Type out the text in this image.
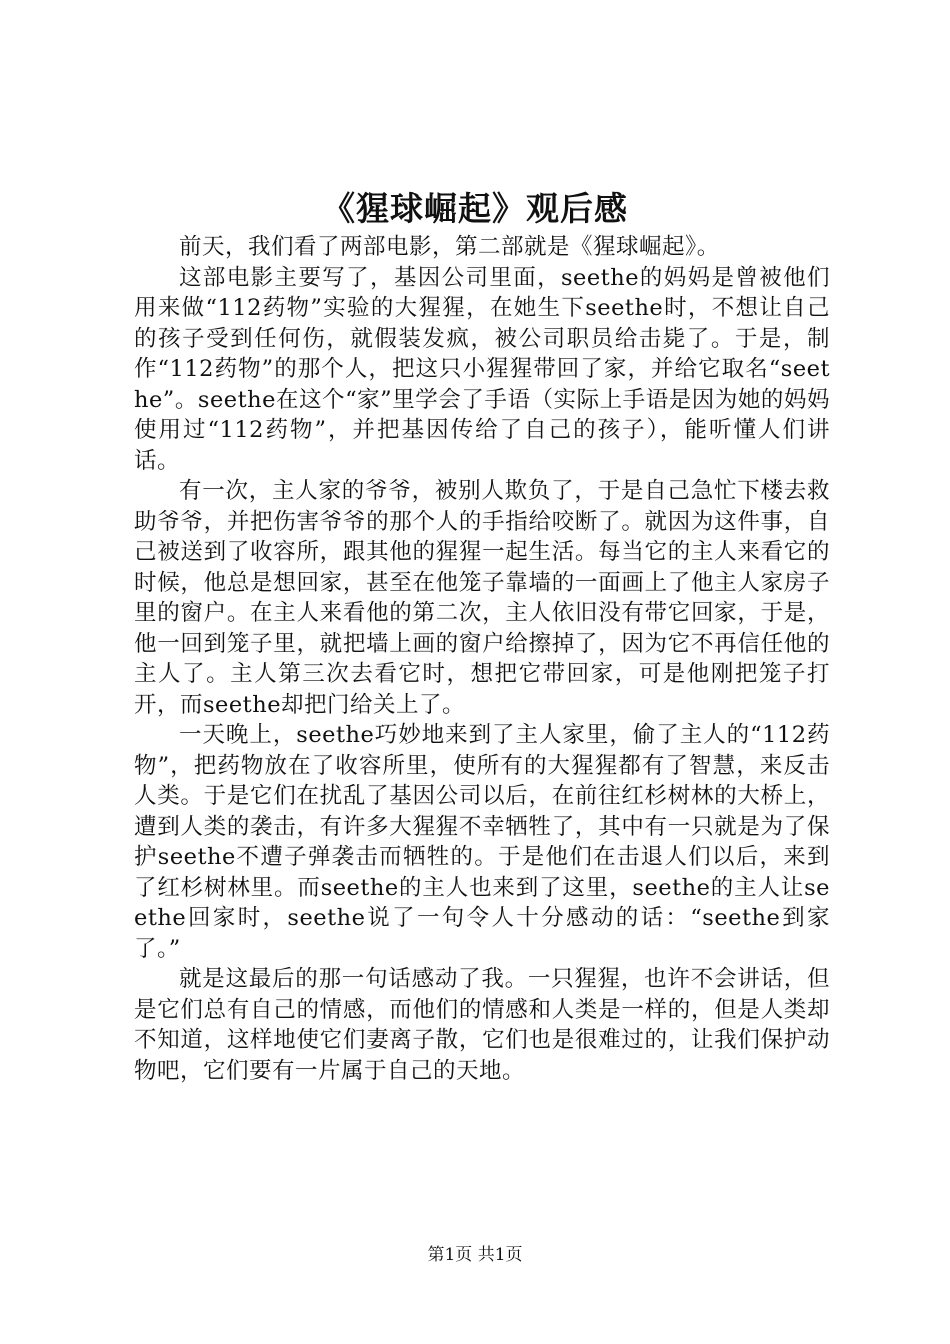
《猩球崛起》观后感

前天，我们看了两部电影，第二部就是《猩球崛起》。

这部电影主要写了，基因公司里面，seethe的妈妈是曾被他们用来做“112药物”实验的大猩猩，在她生下seethe时，不想让自己的孩子受到任何伤，就假装发疯，被公司职员给击毙了。于是，制作“112药物”的那个人，把这只小猩猩带回了家，并给它取名“seethe”。seethe在这个“家”里学会了手语（实际上手语是因为她的妈妈使用过“112药物”，并把基因传给了自己的孩子），能听懂人们讲话。

有一次，主人家的爷爷，被别人欺负了，于是自己急忙下楼去救助爷爷，并把伤害爷爷的那个人的手指给咬断了。就因为这件事，自己被送到了收容所，跟其他的猩猩一起生活。每当它的主人来看它的时候，他总是想回家，甚至在他笼子靠墙的一面画上了他主人家房子里的窗户。在主人来看他的第二次，主人依旧没有带它回家，于是，他一回到笼子里，就把墙上画的窗户给擦掉了，因为它不再信任他的主人了。主人第三次去看它时，想把它带回家，可是他刚把笼子打开，而seethe却把门给关上了。

一天晚上，seethe巧妙地来到了主人家里，偷了主人的“112药物”，把药物放在了收容所里，使所有的大猩猩都有了智慧，来反击人类。于是它们在扰乱了基因公司以后，在前往红杉树林的大桥上，遭到人类的袭击，有许多大猩猩不幸牺牲了，其中有一只就是为了保护seethe不遭子弹袭击而牺牲的。于是他们在击退人们以后，来到了红杉树林里。而seethe的主人也来到了这里，seethe的主人让seethe回家时，seethe说了一句令人十分感动的话：“seethe到家了。”

就是这最后的那一句话感动了我。一只猩猩，也许不会讲话，但是它们总有自己的情感，而他们的情感和人类是一样的，但是人类却不知道，这样地使它们妻离子散，它们也是很难过的，让我们保护动物吧，它们要有一片属于自己的天地。

第1页 共1页
